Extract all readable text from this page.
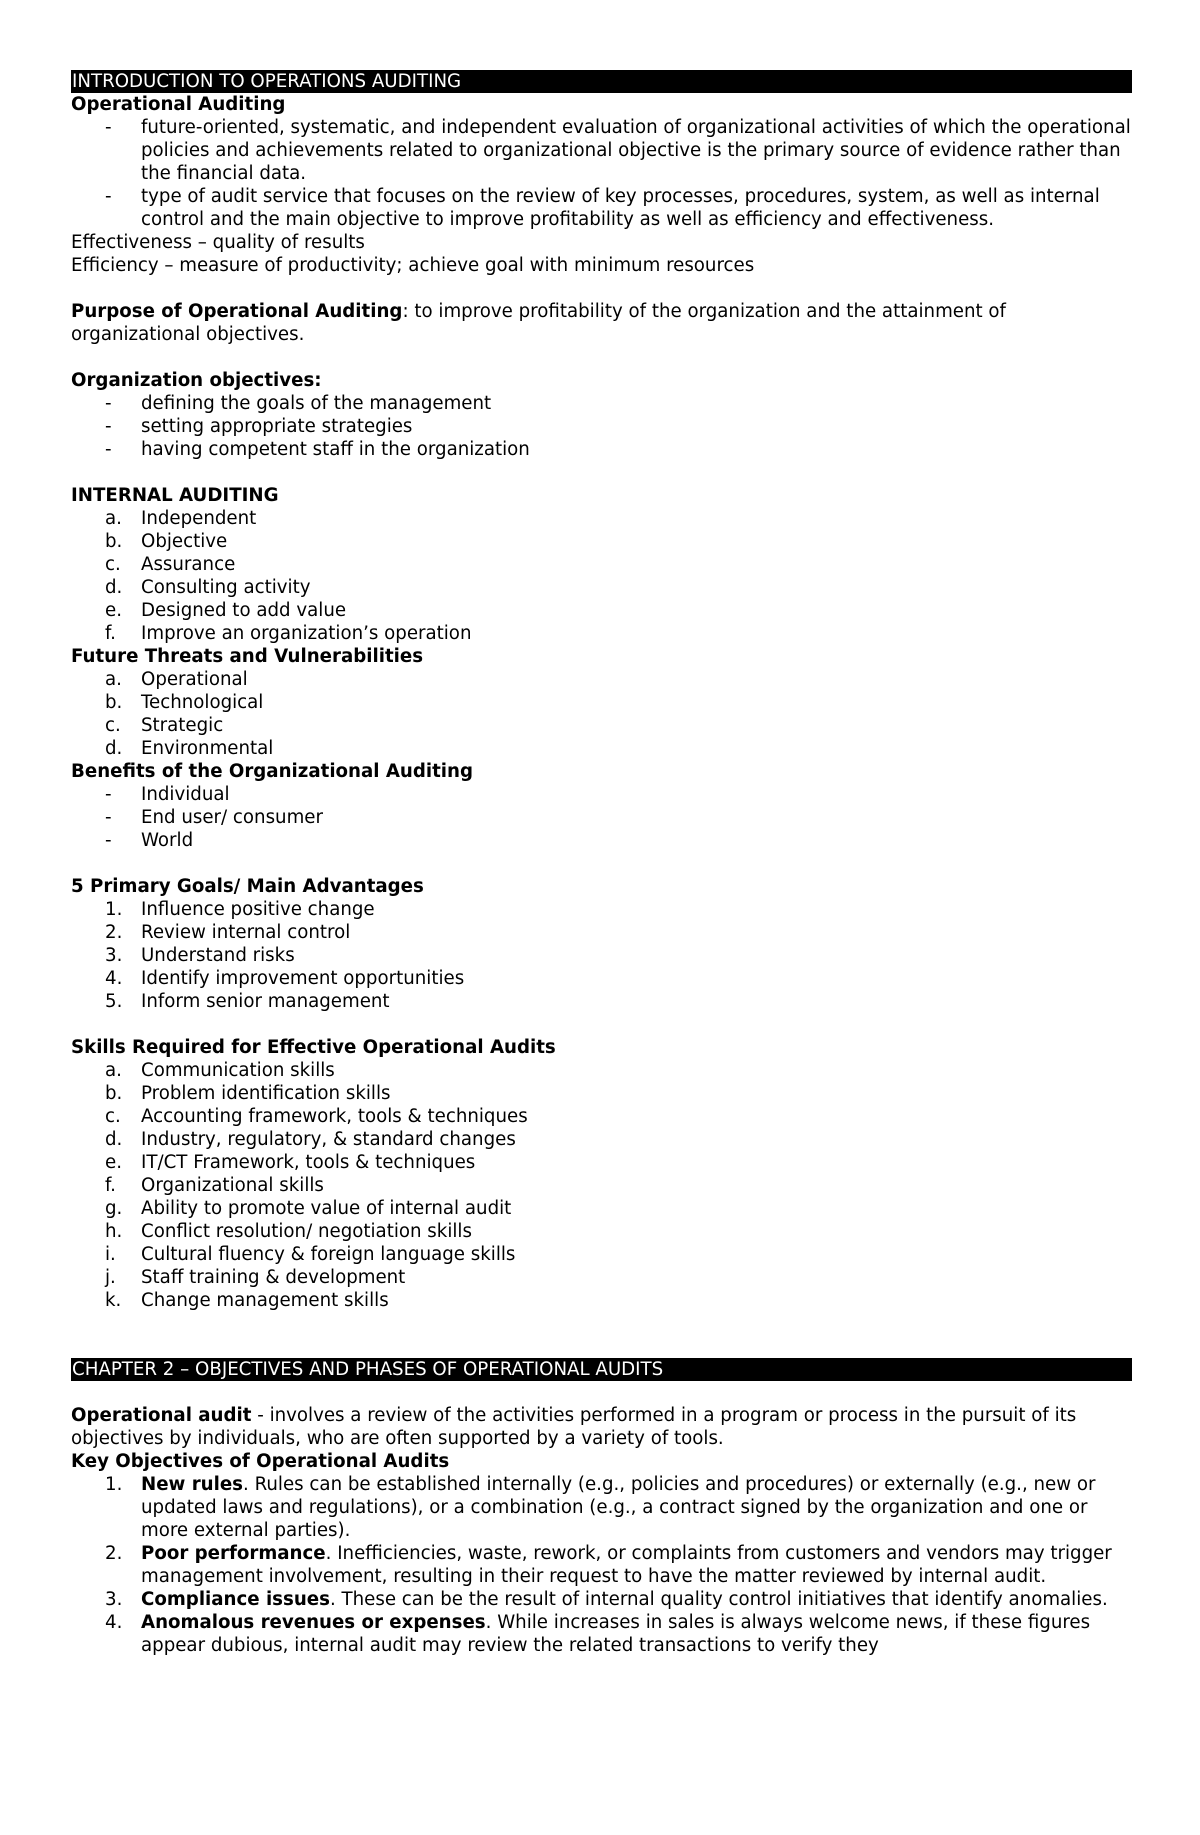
INTRODUCTION TO OPERATIONS AUDITING
Operational Auditing
- future-oriented, systematic, and independent evaluation of organizational activities of which the operational policies and achievements related to organizational objective is the primary source of evidence rather than the financial data.
- type of audit service that focuses on the review of key processes, procedures, system, as well as internal control and the main objective to improve profitability as well as efficiency and effectiveness.
Effectiveness – quality of results
Efficiency – measure of productivity; achieve goal with minimum resources
Purpose of Operational Auditing: to improve profitability of the organization and the attainment of organizational objectives.
Organization objectives:
- defining the goals of the management
- setting appropriate strategies
- having competent staff in the organization
INTERNAL AUDITING
a. Independent
b. Objective
c. Assurance
d. Consulting activity
e. Designed to add value
f. Improve an organization’s operation
Future Threats and Vulnerabilities
a. Operational
b. Technological
c. Strategic
d. Environmental
Benefits of the Organizational Auditing
- Individual
- End user/ consumer
- World
5 Primary Goals/ Main Advantages
1. Influence positive change
2. Review internal control
3. Understand risks
4. Identify improvement opportunities
5. Inform senior management
Skills Required for Effective Operational Audits
a. Communication skills
b. Problem identification skills
c. Accounting framework, tools & techniques
d. Industry, regulatory, & standard changes
e. IT/CT Framework, tools & techniques
f. Organizational skills
g. Ability to promote value of internal audit
h. Conflict resolution/ negotiation skills
i. Cultural fluency & foreign language skills
j. Staff training & development
k. Change management skills
CHAPTER 2 – OBJECTIVES AND PHASES OF OPERATIONAL AUDITS
Operational audit - involves a review of the activities performed in a program or process in the pursuit of its objectives by individuals, who are often supported by a variety of tools.
Key Objectives of Operational Audits
1. New rules. Rules can be established internally (e.g., policies and procedures) or externally (e.g., new or updated laws and regulations), or a combination (e.g., a contract signed by the organization and one or more external parties).
2. Poor performance. Inefficiencies, waste, rework, or complaints from customers and vendors may trigger management involvement, resulting in their request to have the matter reviewed by internal audit.
3. Compliance issues. These can be the result of internal quality control initiatives that identify anomalies.
4. Anomalous revenues or expenses. While increases in sales is always welcome news, if these figures appear dubious, internal audit may review the related transactions to verify they
